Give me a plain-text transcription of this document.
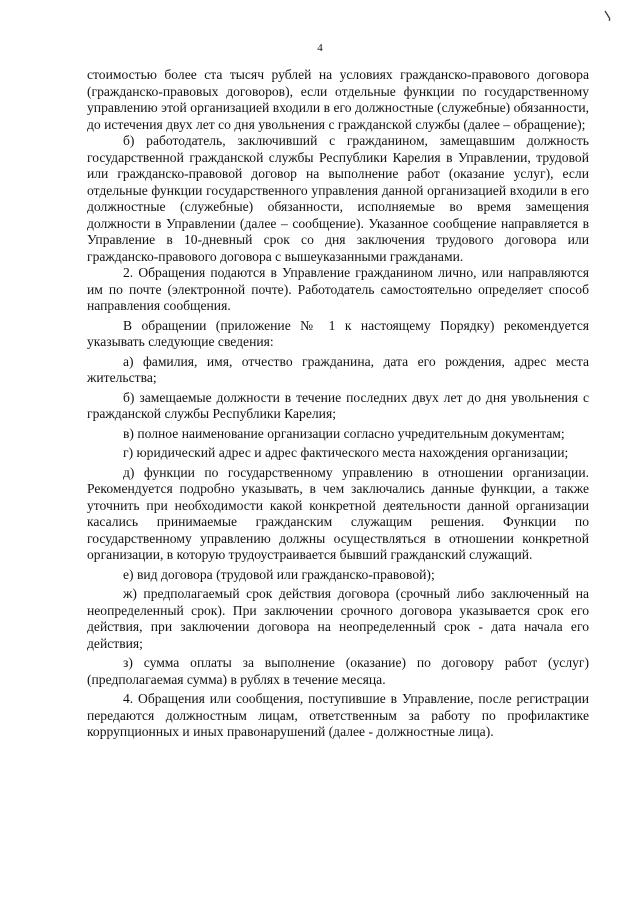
4

стоимостью более ста тысяч рублей на условиях гражданско-правового договора (гражданско-правовых договоров), если отдельные функции по государственному управлению этой организацией входили в его должностные (служебные) обязанности, до истечения двух лет со дня увольнения с гражданской службы (далее – обращение);

б) работодатель, заключивший с гражданином, замещавшим должность государственной гражданской службы Республики Карелия в Управлении, трудовой или гражданско-правовой договор на выполнение работ (оказание услуг), если отдельные функции государственного управления данной организацией входили в его должностные (служебные) обязанности, исполняемые во время замещения должности в Управлении (далее – сообщение). Указанное сообщение направляется в Управление в 10-дневный срок со дня заключения трудового договора или гражданско-правового договора с вышеуказанными гражданами.

2. Обращения подаются в Управление гражданином лично, или направляются им по почте (электронной почте). Работодатель самостоятельно определяет способ направления сообщения.

В обращении (приложение № 1 к настоящему Порядку) рекомендуется указывать следующие сведения:

а) фамилия, имя, отчество гражданина, дата его рождения, адрес места жительства;

б) замещаемые должности в течение последних двух лет до дня увольнения с гражданской службы Республики Карелия;

в) полное наименование организации согласно учредительным документам;

г) юридический адрес и адрес фактического места нахождения организации;

д) функции по государственному управлению в отношении организации. Рекомендуется подробно указывать, в чем заключались данные функции, а также уточнить при необходимости какой конкретной деятельности данной организации касались принимаемые гражданским служащим решения. Функции по государственному управлению должны осуществляться в отношении конкретной организации, в которую трудоустраивается бывший гражданский служащий.

е) вид договора (трудовой или гражданско-правовой);

ж) предполагаемый срок действия договора (срочный либо заключенный на неопределенный срок). При заключении срочного договора указывается срок его действия, при заключении договора на неопределенный срок - дата начала его действия;

з) сумма оплаты за выполнение (оказание) по договору работ (услуг) (предполагаемая сумма) в рублях в течение месяца.

4. Обращения или сообщения, поступившие в Управление, после регистрации передаются должностным лицам, ответственным за работу по профилактике коррупционных и иных правонарушений (далее - должностные лица).
